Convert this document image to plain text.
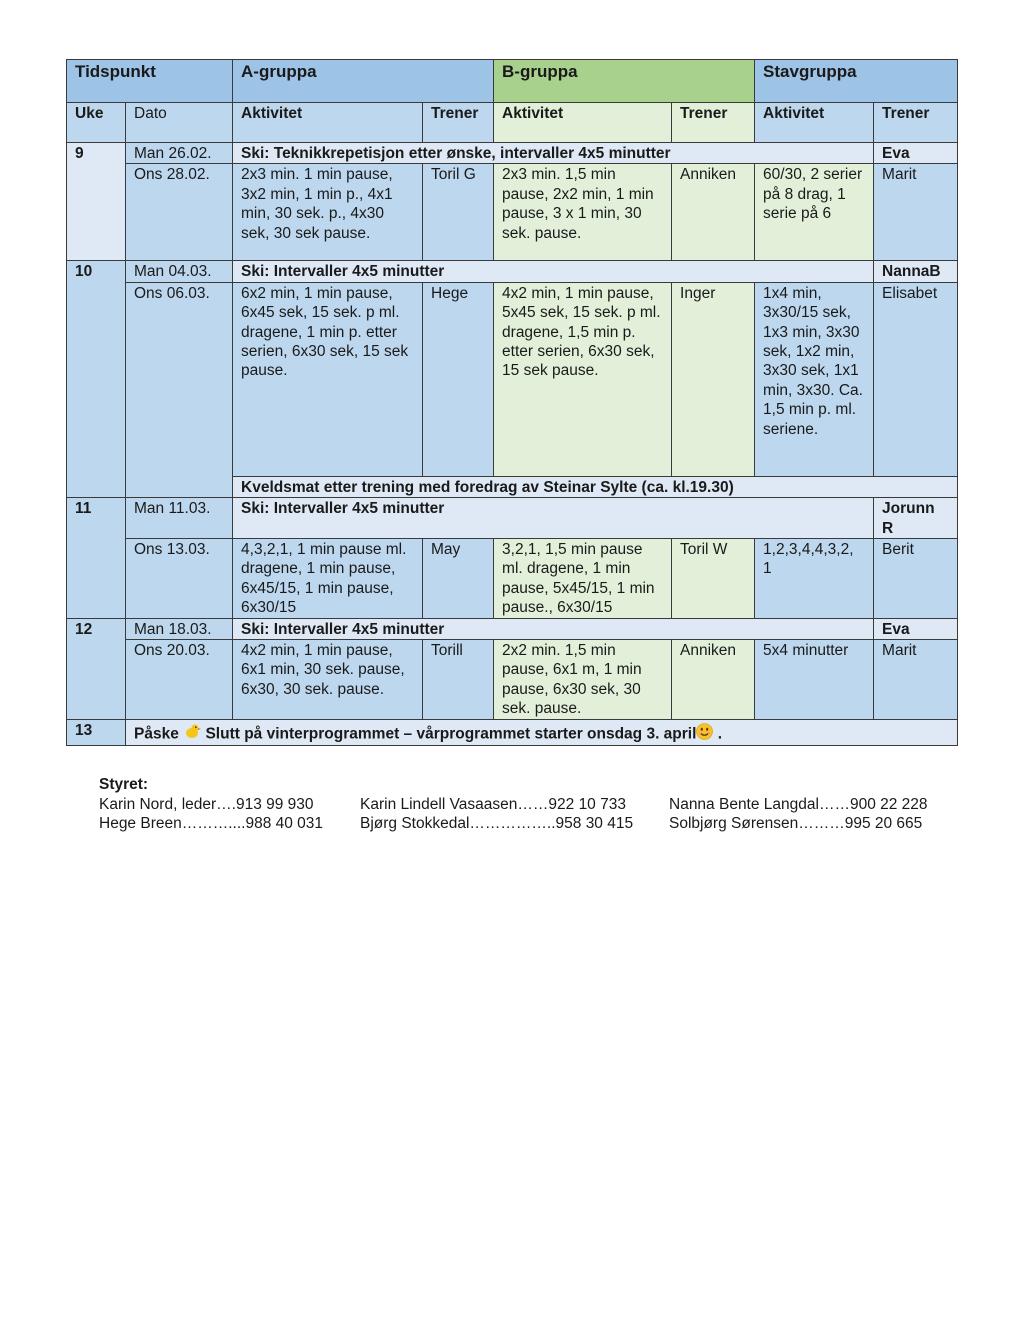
Tidspunkt		A-gruppa		B-gruppa		Stavgruppa	
Uke	Dato	Aktivitet	Trener	Aktivitet	Trener	Aktivitet	Trener
9	Man 26.02.	Ski: Teknikkrepetisjon etter ønske, intervaller 4x5 minutter					Eva
	Ons 28.02.	2x3 min. 1 min pause, 3x2 min, 1 min p., 4x1 min, 30 sek. p., 4x30 sek, 30 sek pause.	Toril G	2x3 min. 1,5 min pause, 2x2 min, 1 min pause, 3 x 1 min, 30 sek. pause.	Anniken	60/30, 2 serier på 8 drag, 1 serie på 6	Marit
10	Man 04.03.	Ski: Intervaller 4x5 minutter					NannaB
	Ons 06.03.	6x2 min, 1 min pause, 6x45 sek, 15 sek. p ml. dragene, 1 min p. etter serien, 6x30 sek, 15 sek pause.	Hege	4x2 min, 1 min pause, 5x45 sek, 15 sek. p ml. dragene, 1,5 min p. etter serien, 6x30 sek, 15 sek pause.	Inger	1x4 min, 3x30/15 sek, 1x3 min, 3x30 sek, 1x2 min, 3x30 sek, 1x1 min, 3x30. Ca. 1,5 min p. ml. seriene.	Elisabet
		Kveldsmat etter trening med foredrag av Steinar Sylte (ca. kl.19.30)					
11	Man 11.03.	Ski: Intervaller 4x5 minutter					Jorunn R
	Ons 13.03.	4,3,2,1, 1 min pause ml. dragene, 1 min pause, 6x45/15, 1 min pause, 6x30/15	May	3,2,1, 1,5 min pause ml. dragene, 1 min pause, 5x45/15, 1 min pause., 6x30/15	Toril W	1,2,3,4,4,3,2, 1	Berit
12	Man 18.03.	Ski: Intervaller 4x5 minutter					Eva
	Ons 20.03.	4x2 min, 1 min pause, 6x1 min, 30 sek. pause, 6x30, 30 sek. pause.	Torill	2x2 min. 1,5 min pause, 6x1 m, 1 min pause, 6x30 sek, 30 sek. pause.	Anniken	5x4 minutter	Marit
13	Påske Slutt på vinterprogrammet – vårprogrammet starter onsdag 3. april .						
Styret:
Karin Nord, leder….913 99 930	Karin Lindell Vasaasen……922 10 733	Nanna Bente Langdal……900 22 228
Hege Breen………....988 40 031	Bjørg Stokkedal……………..958 30 415	Solbjørg Sørensen………995 20 665
